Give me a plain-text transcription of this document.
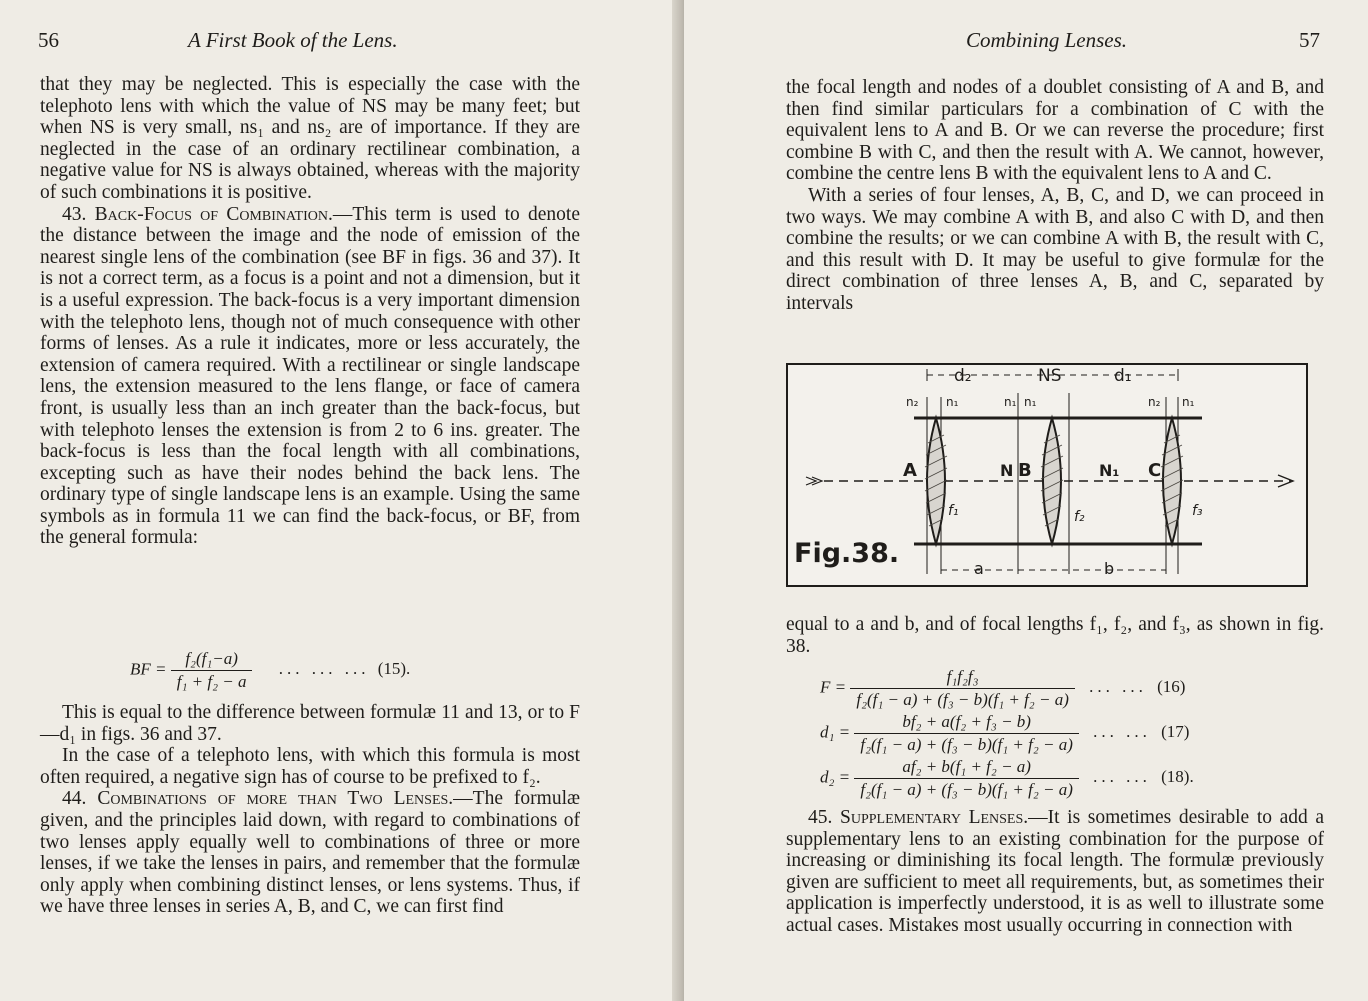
56	A First Book of the Lens.

that they may be neglected. This is especially the case with the telephoto lens with which the value of NS may be many feet; but when NS is very small, ns₁ and ns₂ are of importance. If they are neglected in the case of an ordinary rectilinear combination, a negative value for NS is always obtained, whereas with the majority of such combinations it is positive.

43. Back-Focus of Combination.—This term is used to denote the distance between the image and the node of emission of the nearest single lens of the combination (see BF in figs. 36 and 37). It is not a correct term, as a focus is a point and not a dimension, but it is a useful expression. The back-focus is a very important dimension with the telephoto lens, though not of much consequence with other forms of lenses. As a rule it indicates, more or less accurately, the extension of camera required. With a rectilinear or single landscape lens, the extension measured to the lens flange, or face of camera front, is usually less than an inch greater than the back-focus, but with telephoto lenses the extension is from 2 to 6 ins. greater. The back-focus is less than the focal length with all combinations, excepting such as have their nodes behind the back lens. The ordinary type of single landscape lens is an example. Using the same symbols as in formula 11 we can find the back-focus, or BF, from the general formula:

BF = $\frac{\text{f₂(f₁−a)}}{\text{f₁ + f₂ − a}}$ ... ... ... (15).

This is equal to the difference between formulæ 11 and 13, or to F—d₁ in figs. 36 and 37.

In the case of a telephoto lens, with which this formula is most often required, a negative sign has of course to be prefixed to f₂.

44. Combinations of more than Two Lenses.—The formulæ given, and the principles laid down, with regard to combinations of two lenses apply equally well to combinations of three or more lenses, if we take the lenses in pairs, and remember that the formulæ only apply when combining distinct lenses, or lens systems. Thus, if we have three lenses in series A, B, and C, we can first find

Combining Lenses.	57

the focal length and nodes of a doublet consisting of A and B, and then find similar particulars for a combination of C with the equivalent lens to A and B. Or we can reverse the procedure; first combine B with C, and then the result with A. We cannot, however, combine the centre lens B with the equivalent lens to A and C.

With a series of four lenses, A, B, C, and D, we can proceed in two ways. We may combine A with B, and also C with D, and then combine the results; or we can combine A with B, the result with C, and this result with D. It may be useful to give formulæ for the direct combination of three lenses A, B, and C, separated by intervals

d₂	NS	d₁
n₂ n₁	n₁ n₁	n₂ n₁
A	N B	N₁ C
f₁	f₂	f₃
a	b
Fig.38.

equal to a and b, and of focal lengths f₁, f₂, and f₃, as shown in fig. 38.

$F = \frac{\text{f₁f₂f₃}}{\text{f₂(f₁ − a) + (f₃ − b)(f₁ + f₂ − a)}}$ ... ... (16)
$d_1 = \frac{\text{bf₂ + a(f₂ + f₃ − b)}}{\text{f₂(f₁ − a) + (f₃ − b)(f₁ + f₂ − a)}}$ ... ... (17)
$d_2 = \frac{\text{af₂ + b(f₁ + f₂ − a)}}{\text{f₂(f₁ − a) + (f₃ − b)(f₁ + f₂ − a)}}$ ... ... (18).

45. Supplementary Lenses.—It is sometimes desirable to add a supplementary lens to an existing combination for the purpose of increasing or diminishing its focal length. The formulæ previously given are sufficient to meet all requirements, but, as sometimes their application is imperfectly understood, it is as well to illustrate some actual cases. Mistakes most usually occurring in connection with
